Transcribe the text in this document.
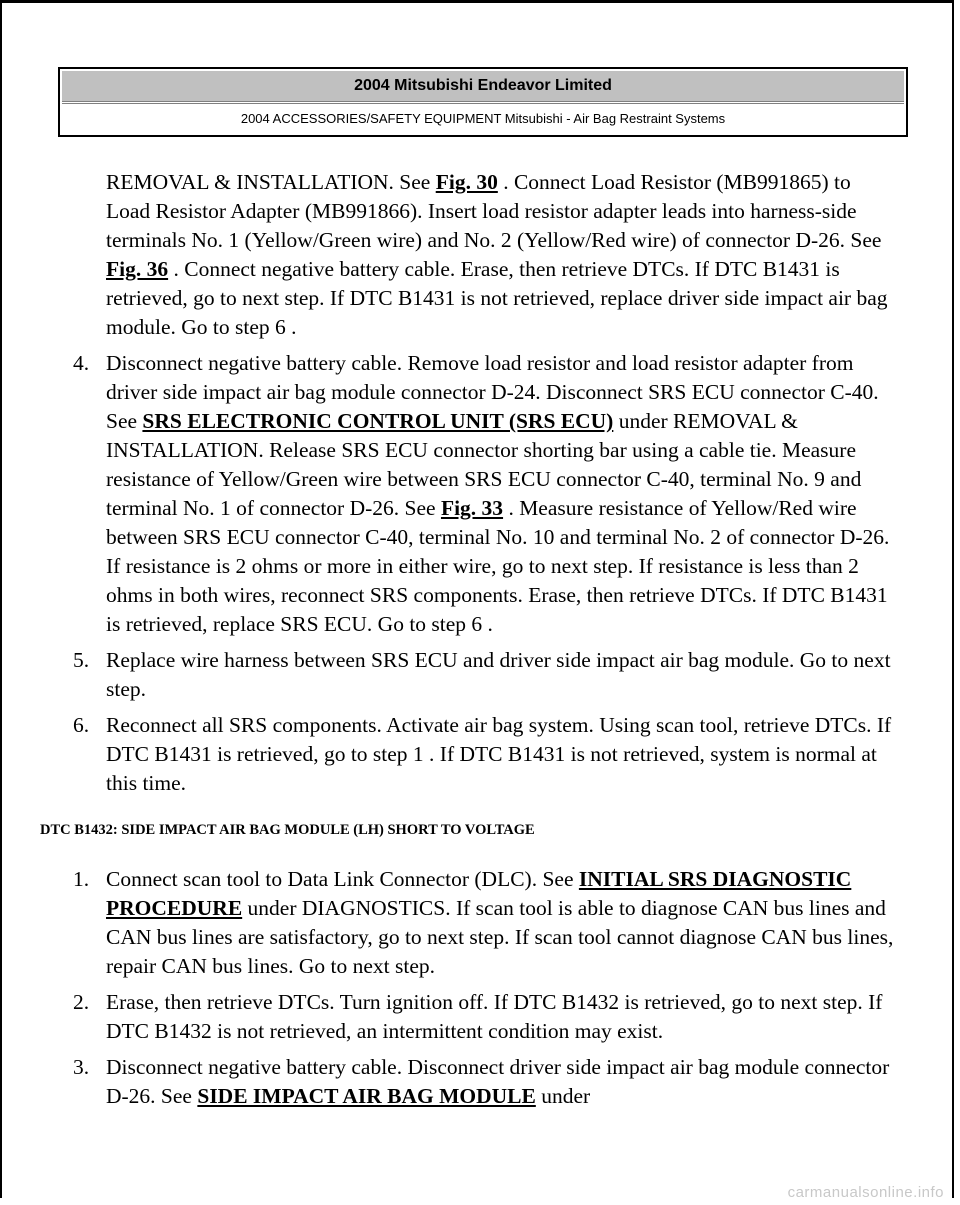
2004 Mitsubishi Endeavor Limited
2004 ACCESSORIES/SAFETY EQUIPMENT Mitsubishi - Air Bag Restraint Systems

REMOVAL & INSTALLATION. See Fig. 30 . Connect Load Resistor (MB991865) to Load Resistor Adapter (MB991866). Insert load resistor adapter leads into harness-side terminals No. 1 (Yellow/Green wire) and No. 2 (Yellow/Red wire) of connector D-26. See Fig. 36 . Connect negative battery cable. Erase, then retrieve DTCs. If DTC B1431 is retrieved, go to next step. If DTC B1431 is not retrieved, replace driver side impact air bag module. Go to step 6 .

4. Disconnect negative battery cable. Remove load resistor and load resistor adapter from driver side impact air bag module connector D-24. Disconnect SRS ECU connector C-40. See SRS ELECTRONIC CONTROL UNIT (SRS ECU) under REMOVAL & INSTALLATION. Release SRS ECU connector shorting bar using a cable tie. Measure resistance of Yellow/Green wire between SRS ECU connector C-40, terminal No. 9 and terminal No. 1 of connector D-26. See Fig. 33 . Measure resistance of Yellow/Red wire between SRS ECU connector C-40, terminal No. 10 and terminal No. 2 of connector D-26. If resistance is 2 ohms or more in either wire, go to next step. If resistance is less than 2 ohms in both wires, reconnect SRS components. Erase, then retrieve DTCs. If DTC B1431 is retrieved, replace SRS ECU. Go to step 6 .
5. Replace wire harness between SRS ECU and driver side impact air bag module. Go to next step.
6. Reconnect all SRS components. Activate air bag system. Using scan tool, retrieve DTCs. If DTC B1431 is retrieved, go to step 1 . If DTC B1431 is not retrieved, system is normal at this time.
DTC B1432: SIDE IMPACT AIR BAG MODULE (LH) SHORT TO VOLTAGE
1. Connect scan tool to Data Link Connector (DLC). See INITIAL SRS DIAGNOSTIC PROCEDURE under DIAGNOSTICS. If scan tool is able to diagnose CAN bus lines and CAN bus lines are satisfactory, go to next step. If scan tool cannot diagnose CAN bus lines, repair CAN bus lines. Go to next step.
2. Erase, then retrieve DTCs. Turn ignition off. If DTC B1432 is retrieved, go to next step. If DTC B1432 is not retrieved, an intermittent condition may exist.
3. Disconnect negative battery cable. Disconnect driver side impact air bag module connector D-26. See SIDE IMPACT AIR BAG MODULE under
carmanualsonline.info
